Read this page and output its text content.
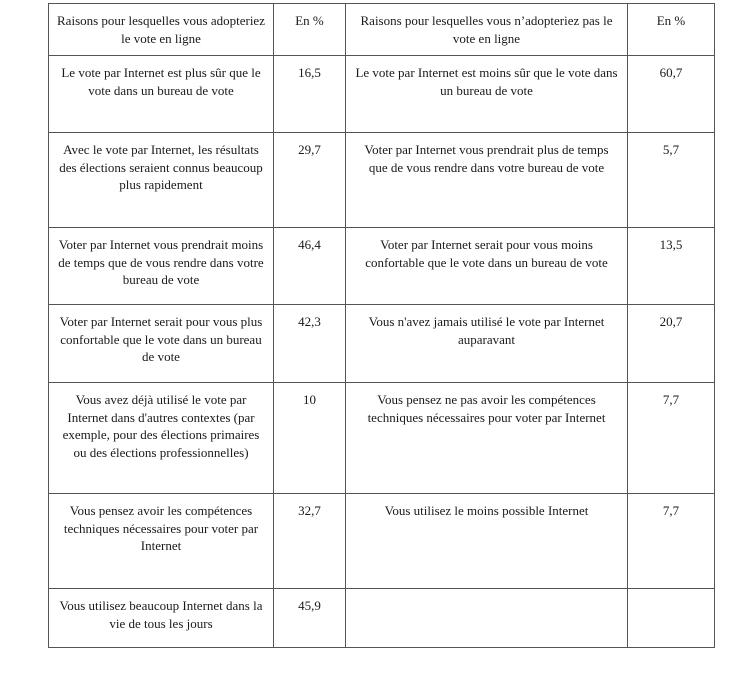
Raisons pour lesquelles vous adopteriez le vote en ligne	En %	Raisons pour lesquelles vous n’adopteriez pas le vote en ligne	En %

Le vote par Internet est plus sûr que le vote dans un bureau de vote	16,5	Le vote par Internet est moins sûr que le vote dans un bureau de vote	60,7

Avec le vote par Internet, les résultats des élections seraient connus beaucoup plus rapidement	29,7	Voter par Internet vous prendrait plus de temps que de vous rendre dans votre bureau de vote	5,7

Voter par Internet vous prendrait moins de temps que de vous rendre dans votre bureau de vote	46,4	Voter par Internet serait pour vous moins confortable que le vote dans un bureau de vote	13,5

Voter par Internet serait pour vous plus confortable que le vote dans un bureau de vote	42,3	Vous n'avez jamais utilisé le vote par Internet auparavant	20,7

Vous avez déjà utilisé le vote par Internet dans d'autres contextes (par exemple, pour des élections primaires ou des élections professionnelles)	10	Vous pensez ne pas avoir les compétences techniques nécessaires pour voter par Internet	7,7

Vous pensez avoir les compétences techniques nécessaires pour voter par Internet	32,7	Vous utilisez le moins possible Internet	7,7

Vous utilisez beaucoup Internet dans la vie de tous les jours	45,9		
